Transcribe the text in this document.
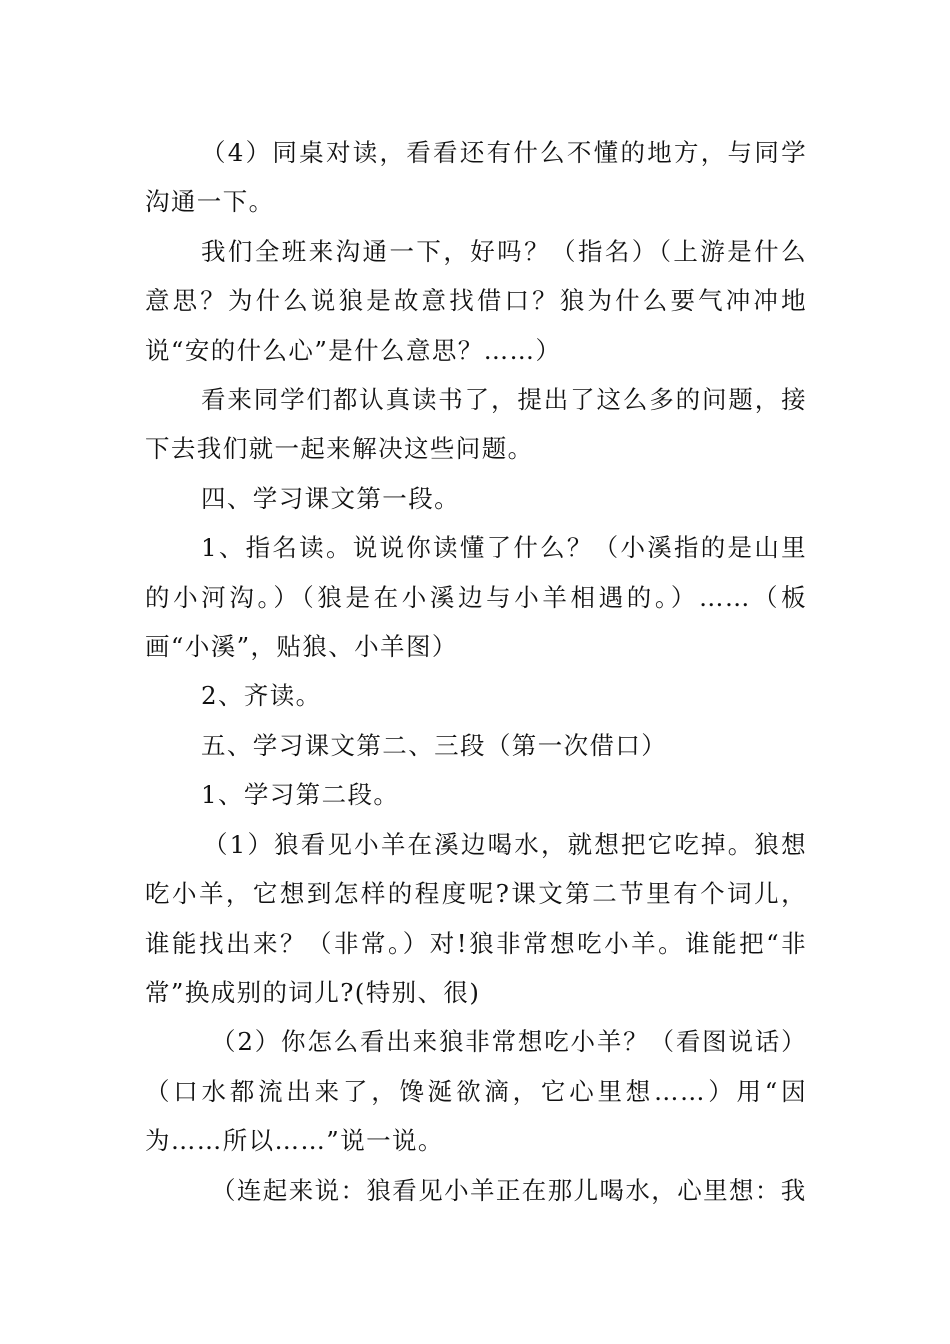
（4）同桌对读，看看还有什么不懂的地方，与同学沟通一下。

我们全班来沟通一下，好吗？（指名）（上游是什么意思？为什么说狼是故意找借口？狼为什么要气冲冲地说“安的什么心”是什么意思？……）

看来同学们都认真读书了，提出了这么多的问题，接下去我们就一起来解决这些问题。

四、学习课文第一段。

1、指名读。说说你读懂了什么？（小溪指的是山里的小河沟。）（狼是在小溪边与小羊相遇的。）……（板画“小溪”，贴狼、小羊图）

2、齐读。

五、学习课文第二、三段（第一次借口）

1、学习第二段。

（1）狼看见小羊在溪边喝水，就想把它吃掉。狼想吃小羊，它想到怎样的程度呢?课文第二节里有个词儿，谁能找出来？（非常。）对!狼非常想吃小羊。谁能把“非常”换成别的词儿?(特别、很)

（2）你怎么看出来狼非常想吃小羊？（看图说话）（口水都流出来了，馋涎欲滴，它心里想……）用“因为……所以……”说一说。

（连起来说：狼看见小羊正在那儿喝水，心里想：我
